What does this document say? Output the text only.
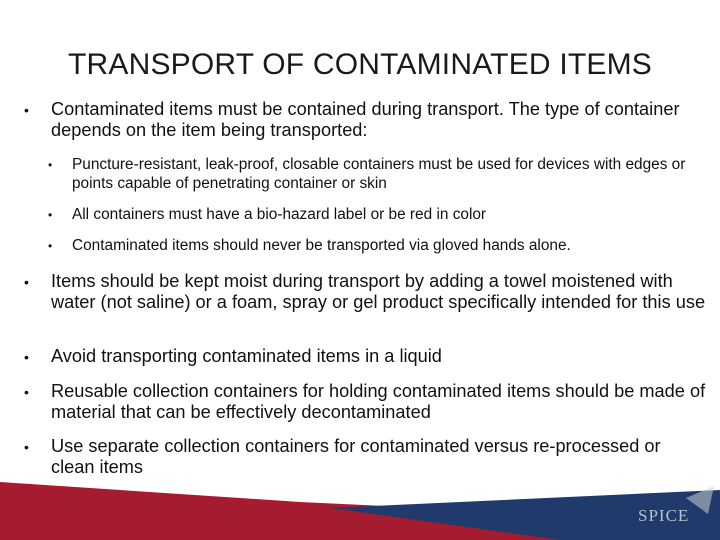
TRANSPORT OF CONTAMINATED ITEMS
• Contaminated items must be contained during transport. The type of container depends on the item being transported:
• Puncture-resistant, leak-proof, closable containers must be used for devices with edges or points capable of penetrating container or skin
• All containers must have a bio-hazard label or be red in color
• Contaminated items should never be transported via gloved hands alone.
• Items should be kept moist during transport by adding a towel moistened with water (not saline) or a foam, spray or gel product specifically intended for this use
• Avoid transporting contaminated items in a liquid
• Reusable collection containers for holding contaminated items should be made of material that can be effectively decontaminated
• Use separate collection containers for contaminated versus re-processed or clean items
SPICE
